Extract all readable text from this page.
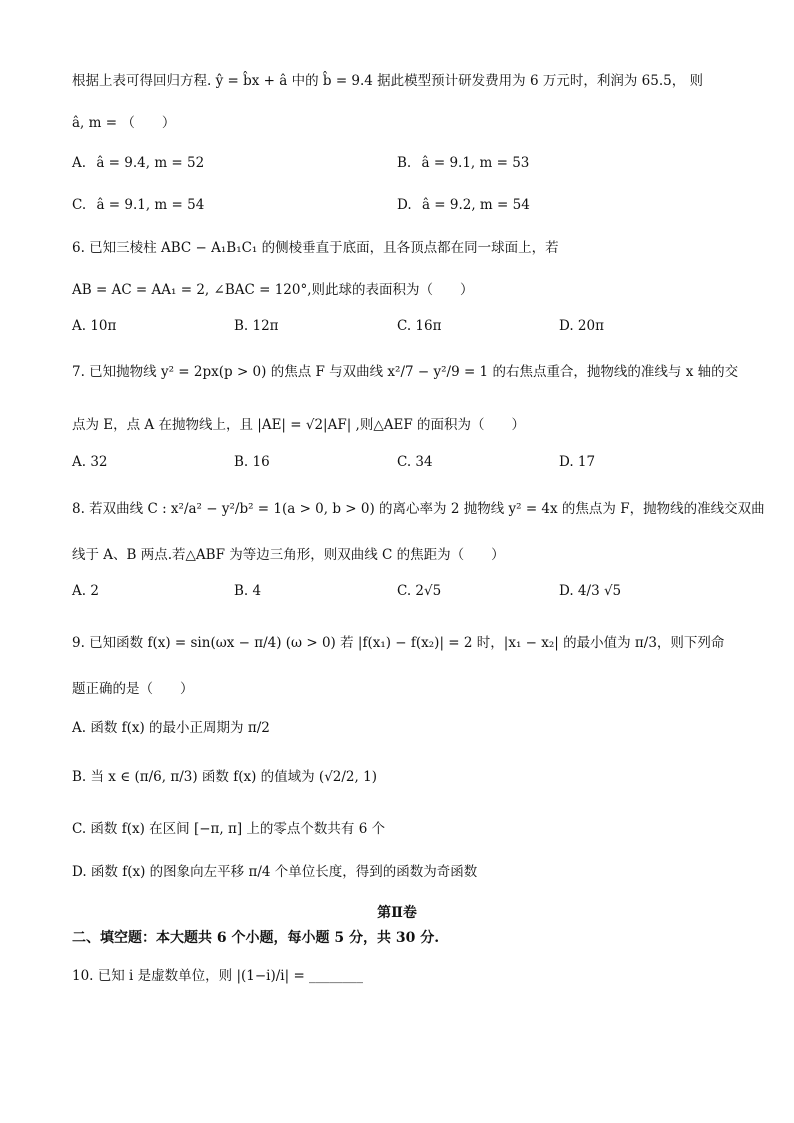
根据上表可得回归方程. ŷ = b̂x + â 中的 b̂ = 9.4 据此模型预计研发费用为 6 万元时，利润为 65.5， 则
â, m = （　　）
A. â = 9.4, m = 52	B. â = 9.1, m = 53
C. â = 9.1, m = 54	D. â = 9.2, m = 54
6. 已知三棱柱 ABC − A₁B₁C₁ 的侧棱垂直于底面，且各顶点都在同一球面上，若
AB = AC = AA₁ = 2, ∠BAC = 120°,则此球的表面积为（　　）
A. 10π	B. 12π	C. 16π	D. 20π
7. 已知抛物线 y² = 2px(p > 0) 的焦点 F 与双曲线 x²/7 − y²/9 = 1 的右焦点重合，抛物线的准线与 x 轴的交
点为 E，点 A 在抛物线上，且 |AE| = √2|AF| ,则△AEF 的面积为（　　）
A. 32	B. 16	C. 34	D. 17
8. 若双曲线 C : x²/a² − y²/b² = 1(a > 0, b > 0) 的离心率为 2 抛物线 y² = 4x 的焦点为 F，抛物线的准线交双曲
线于 A、B 两点.若△ABF 为等边三角形，则双曲线 C 的焦距为（　　）
A. 2	B. 4	C. 2√5	D. 4/3 √5
9. 已知函数 f(x) = sin(ωx − π/4) (ω > 0) 若 |f(x₁) − f(x₂)| = 2 时，|x₁ − x₂| 的最小值为 π/3，则下列命
题正确的是（　　）
A. 函数 f(x) 的最小正周期为 π/2
B. 当 x ∈ (π/6, π/3) 函数 f(x) 的值域为 (√2/2, 1)
C. 函数 f(x) 在区间 [−π, π] 上的零点个数共有 6 个
D. 函数 f(x) 的图象向左平移 π/4 个单位长度，得到的函数为奇函数
第Ⅱ卷
二、填空题：本大题共 6 个小题，每小题 5 分，共 30 分.
10. 已知 i 是虚数单位，则 |(1−i)/i| = ________
